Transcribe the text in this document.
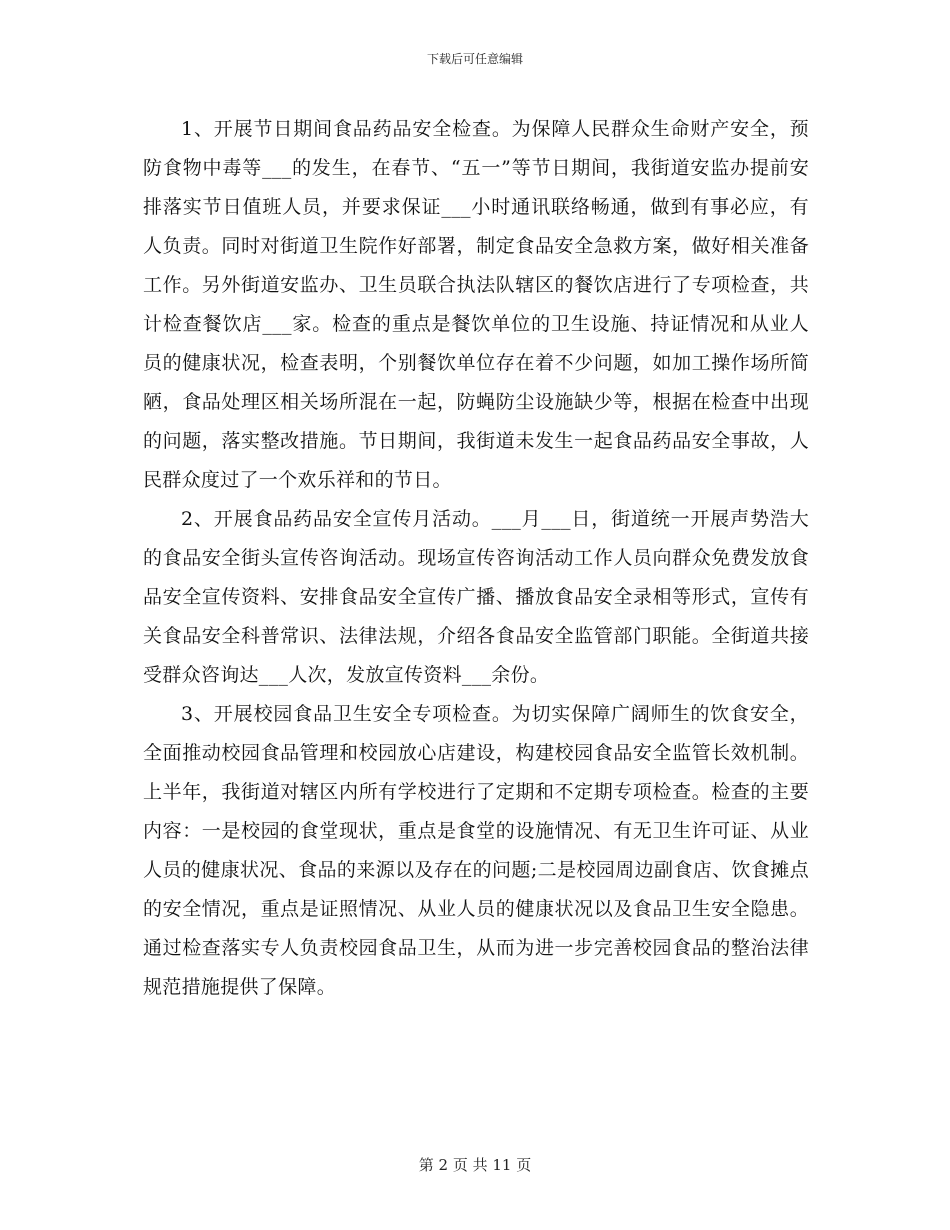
下载后可任意编辑

1、开展节日期间食品药品安全检查。为保障人民群众生命财产安全，预防食物中毒等___的发生，在春节、“五一”等节日期间，我街道安监办提前安排落实节日值班人员，并要求保证___小时通讯联络畅通，做到有事必应，有人负责。同时对街道卫生院作好部署，制定食品安全急救方案，做好相关准备工作。另外街道安监办、卫生员联合执法队辖区的餐饮店进行了专项检查，共计检查餐饮店___家。检查的重点是餐饮单位的卫生设施、持证情况和从业人员的健康状况，检查表明，个别餐饮单位存在着不少问题，如加工操作场所简陋，食品处理区相关场所混在一起，防蝇防尘设施缺少等，根据在检查中出现的问题，落实整改措施。节日期间，我街道未发生一起食品药品安全事故，人民群众度过了一个欢乐祥和的节日。

2、开展食品药品安全宣传月活动。___月___日，街道统一开展声势浩大的食品安全街头宣传咨询活动。现场宣传咨询活动工作人员向群众免费发放食品安全宣传资料、安排食品安全宣传广播、播放食品安全录相等形式，宣传有关食品安全科普常识、法律法规，介绍各食品安全监管部门职能。全街道共接受群众咨询达___人次，发放宣传资料___余份。

3、开展校园食品卫生安全专项检查。为切实保障广阔师生的饮食安全，全面推动校园食品管理和校园放心店建设，构建校园食品安全监管长效机制。上半年，我街道对辖区内所有学校进行了定期和不定期专项检查。检查的主要内容：一是校园的食堂现状，重点是食堂的设施情况、有无卫生许可证、从业人员的健康状况、食品的来源以及存在的问题;二是校园周边副食店、饮食摊点的安全情况，重点是证照情况、从业人员的健康状况以及食品卫生安全隐患。通过检查落实专人负责校园食品卫生，从而为进一步完善校园食品的整治法律规范措施提供了保障。

第 2 页 共 11 页
